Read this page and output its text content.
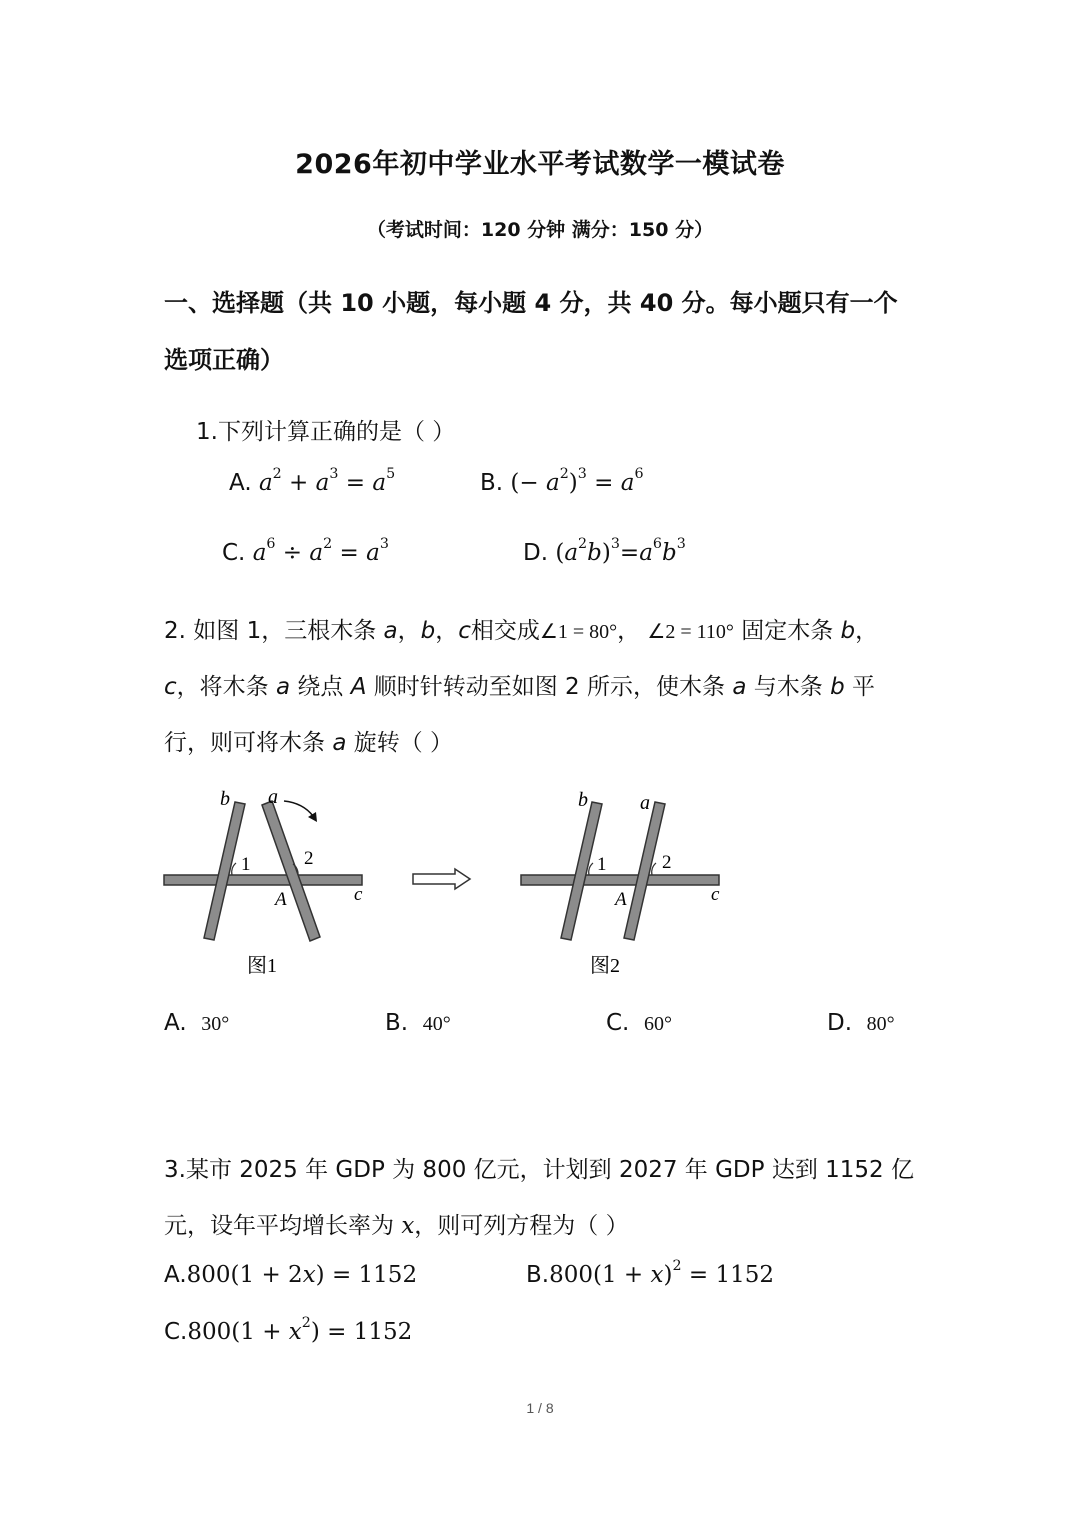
2026年初中学业水平考试数学一模试卷
（考试时间：120 分钟 满分：150 分）
一、选择题（共 10 小题，每小题 4 分，共 40 分。每小题只有一个
选项正确）
1.下列计算正确的是（ ）
A. $a^2 + a^3 = a^5$	B. (− $a^2)^3 = a^6$
C. $a^6 \div a^2 = a^3$	D. $(a^2b)^3=a^6b^3$
2. 如图 1，三根木条 a，b，c相交成∠1 = 80°， ∠2 = 110° 固定木条 b，
c，将木条 a 绕点 A 顺时针转动至如图 2 所示，使木条 a 与木条 b 平
行，则可将木条 a 旋转（ ）
b a
1	2
A	c
图1
b	a
1	2
A	c
图2
A. 30°	B. 40°	C. 60°	D. 80°
3.某市 2025 年 GDP 为 800 亿元，计划到 2027 年 GDP 达到 1152 亿
元，设年平均增长率为 x，则可列方程为（ ）
A.800(1 + 2x) = 1152	$B.800(1 + x)^2 = 1152$
$C.800(1 + x^2) = 1152$
1 / 8
